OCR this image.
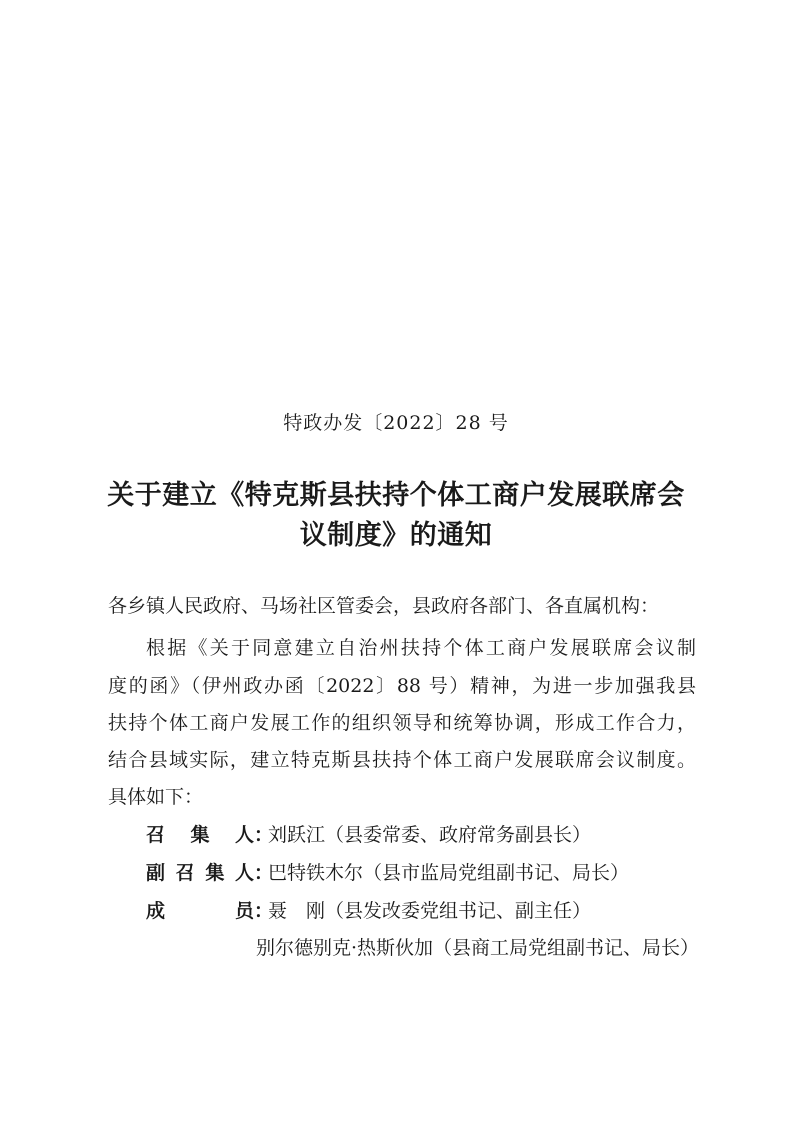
特政办发〔2022〕28 号
关于建立《特克斯县扶持个体工商户发展联席会
议制度》的通知
各乡镇人民政府、马场社区管委会，县政府各部门、各直属机构：
根据《关于同意建立自治州扶持个体工商户发展联席会议制
度的函》（伊州政办函〔2022〕88 号）精神，为进一步加强我县
扶持个体工商户发展工作的组织领导和统筹协调，形成工作合力，
结合县域实际，建立特克斯县扶持个体工商户发展联席会议制度。
具体如下：
召集人：刘跃江（县委常委、政府常务副县长）
副召集人：巴特铁木尔（县市监局党组副书记、局长）
成员：聂　刚（县发改委党组书记、副主任）
别尔德别克·热斯伙加（县商工局党组副书记、局长）
